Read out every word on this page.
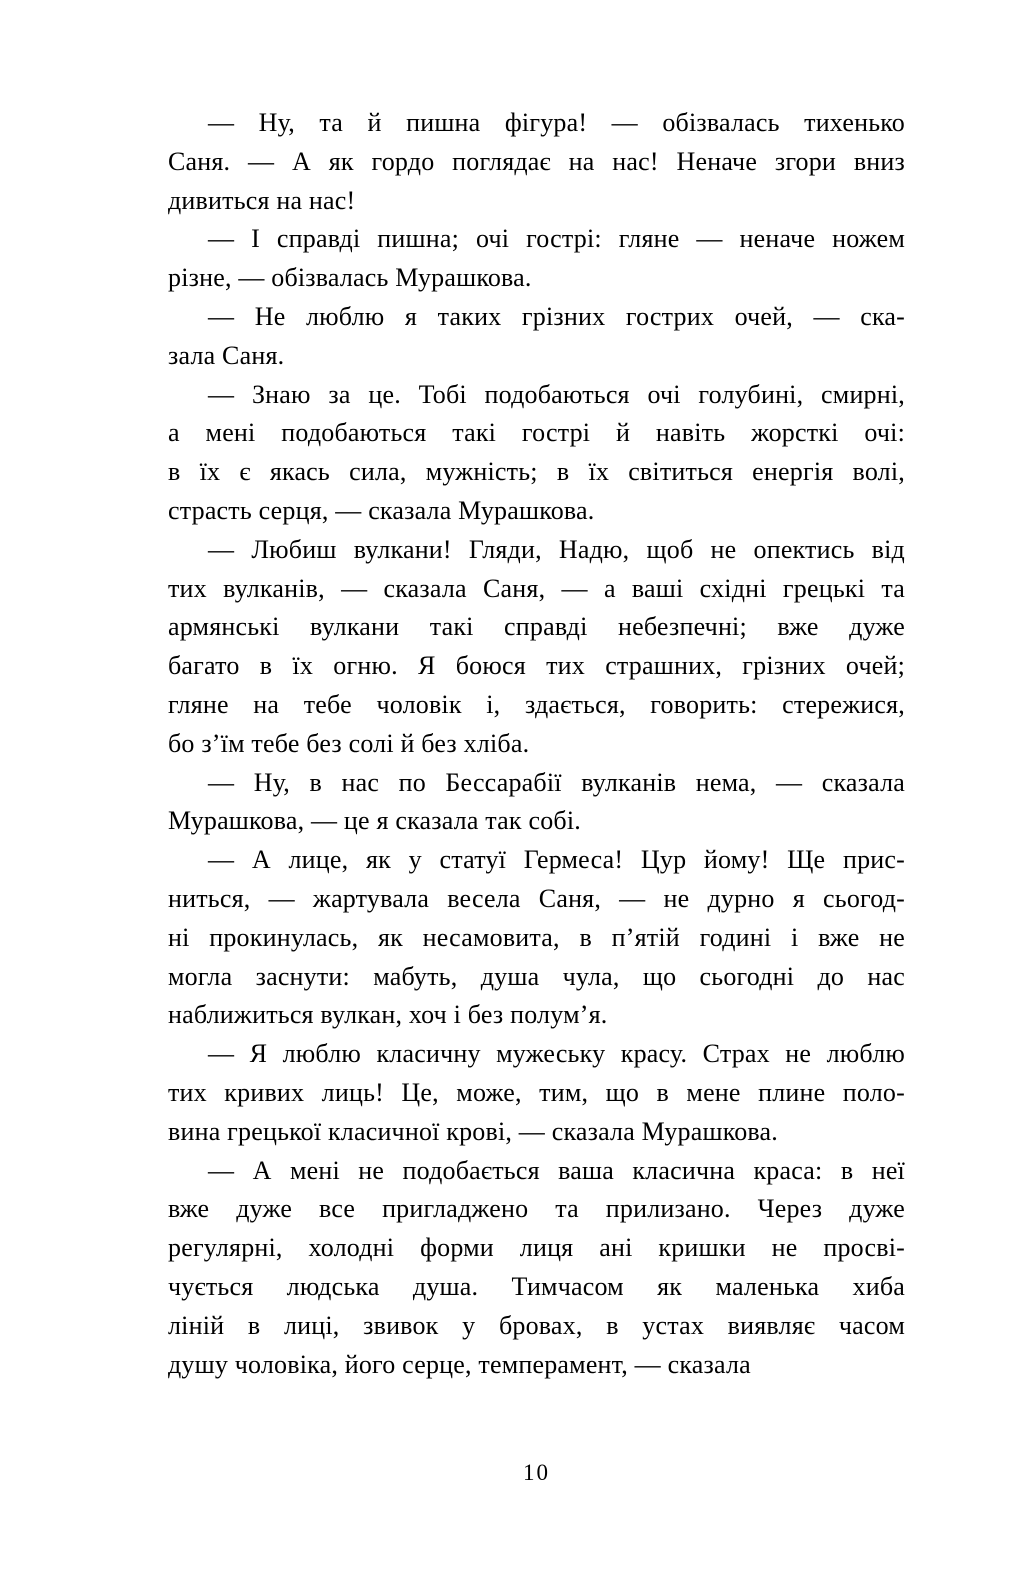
— Ну, та й пишна фігура! — обізвалась тихенько
Саня. — А як гордо поглядає на нас! Неначе згори вниз
дивиться на нас!
— І справді пишна; очі гострі: гляне — неначе ножем
різне, — обізвалась Мурашкова.
— Не люблю я таких грізних гострих очей, — ска-
зала Саня.
— Знаю за це. Тобі подобаються очі голубині, смирні,
а мені подобаються такі гострі й навіть жорсткі очі:
в їх є якась сила, мужність; в їх світиться енергія волі,
страсть серця, — сказала Мурашкова.
— Любиш вулкани! Гляди, Надю, щоб не опектись від
тих вулканів, — сказала Саня, — а ваші східні грецькі та
армянські вулкани такі справді небезпечні; вже дуже
багато в їх огню. Я боюся тих страшних, грізних очей;
гляне на тебе чоловік і, здається, говорить: стережися,
бо з’їм тебе без солі й без хліба.
— Ну, в нас по Бессарабії вулканів нема, — сказала
Мурашкова, — це я сказала так собі.
— А лице, як у статуї Гермеса! Цур йому! Ще прис-
ниться, — жартувала весела Саня, — не дурно я сьогод-
ні прокинулась, як несамовита, в п’ятій годині і вже не
могла заснути: мабуть, душа чула, що сьогодні до нас
наближиться вулкан, хоч і без полум’я.
— Я люблю класичну мужеську красу. Страх не люблю
тих кривих лиць! Це, може, тим, що в мене плине поло-
вина грецької класичної крові, — сказала Мурашкова.
— А мені не подобається ваша класична краса: в неї
вже дуже все пригладжено та прилизано. Через дуже
регулярні, холодні форми лиця ані кришки не просві-
чується людська душа. Тимчасом як маленька хиба
ліній в лиці, звивок у бровах, в устах виявляє часом
душу чоловіка, його серце, темперамент, — сказала
10
